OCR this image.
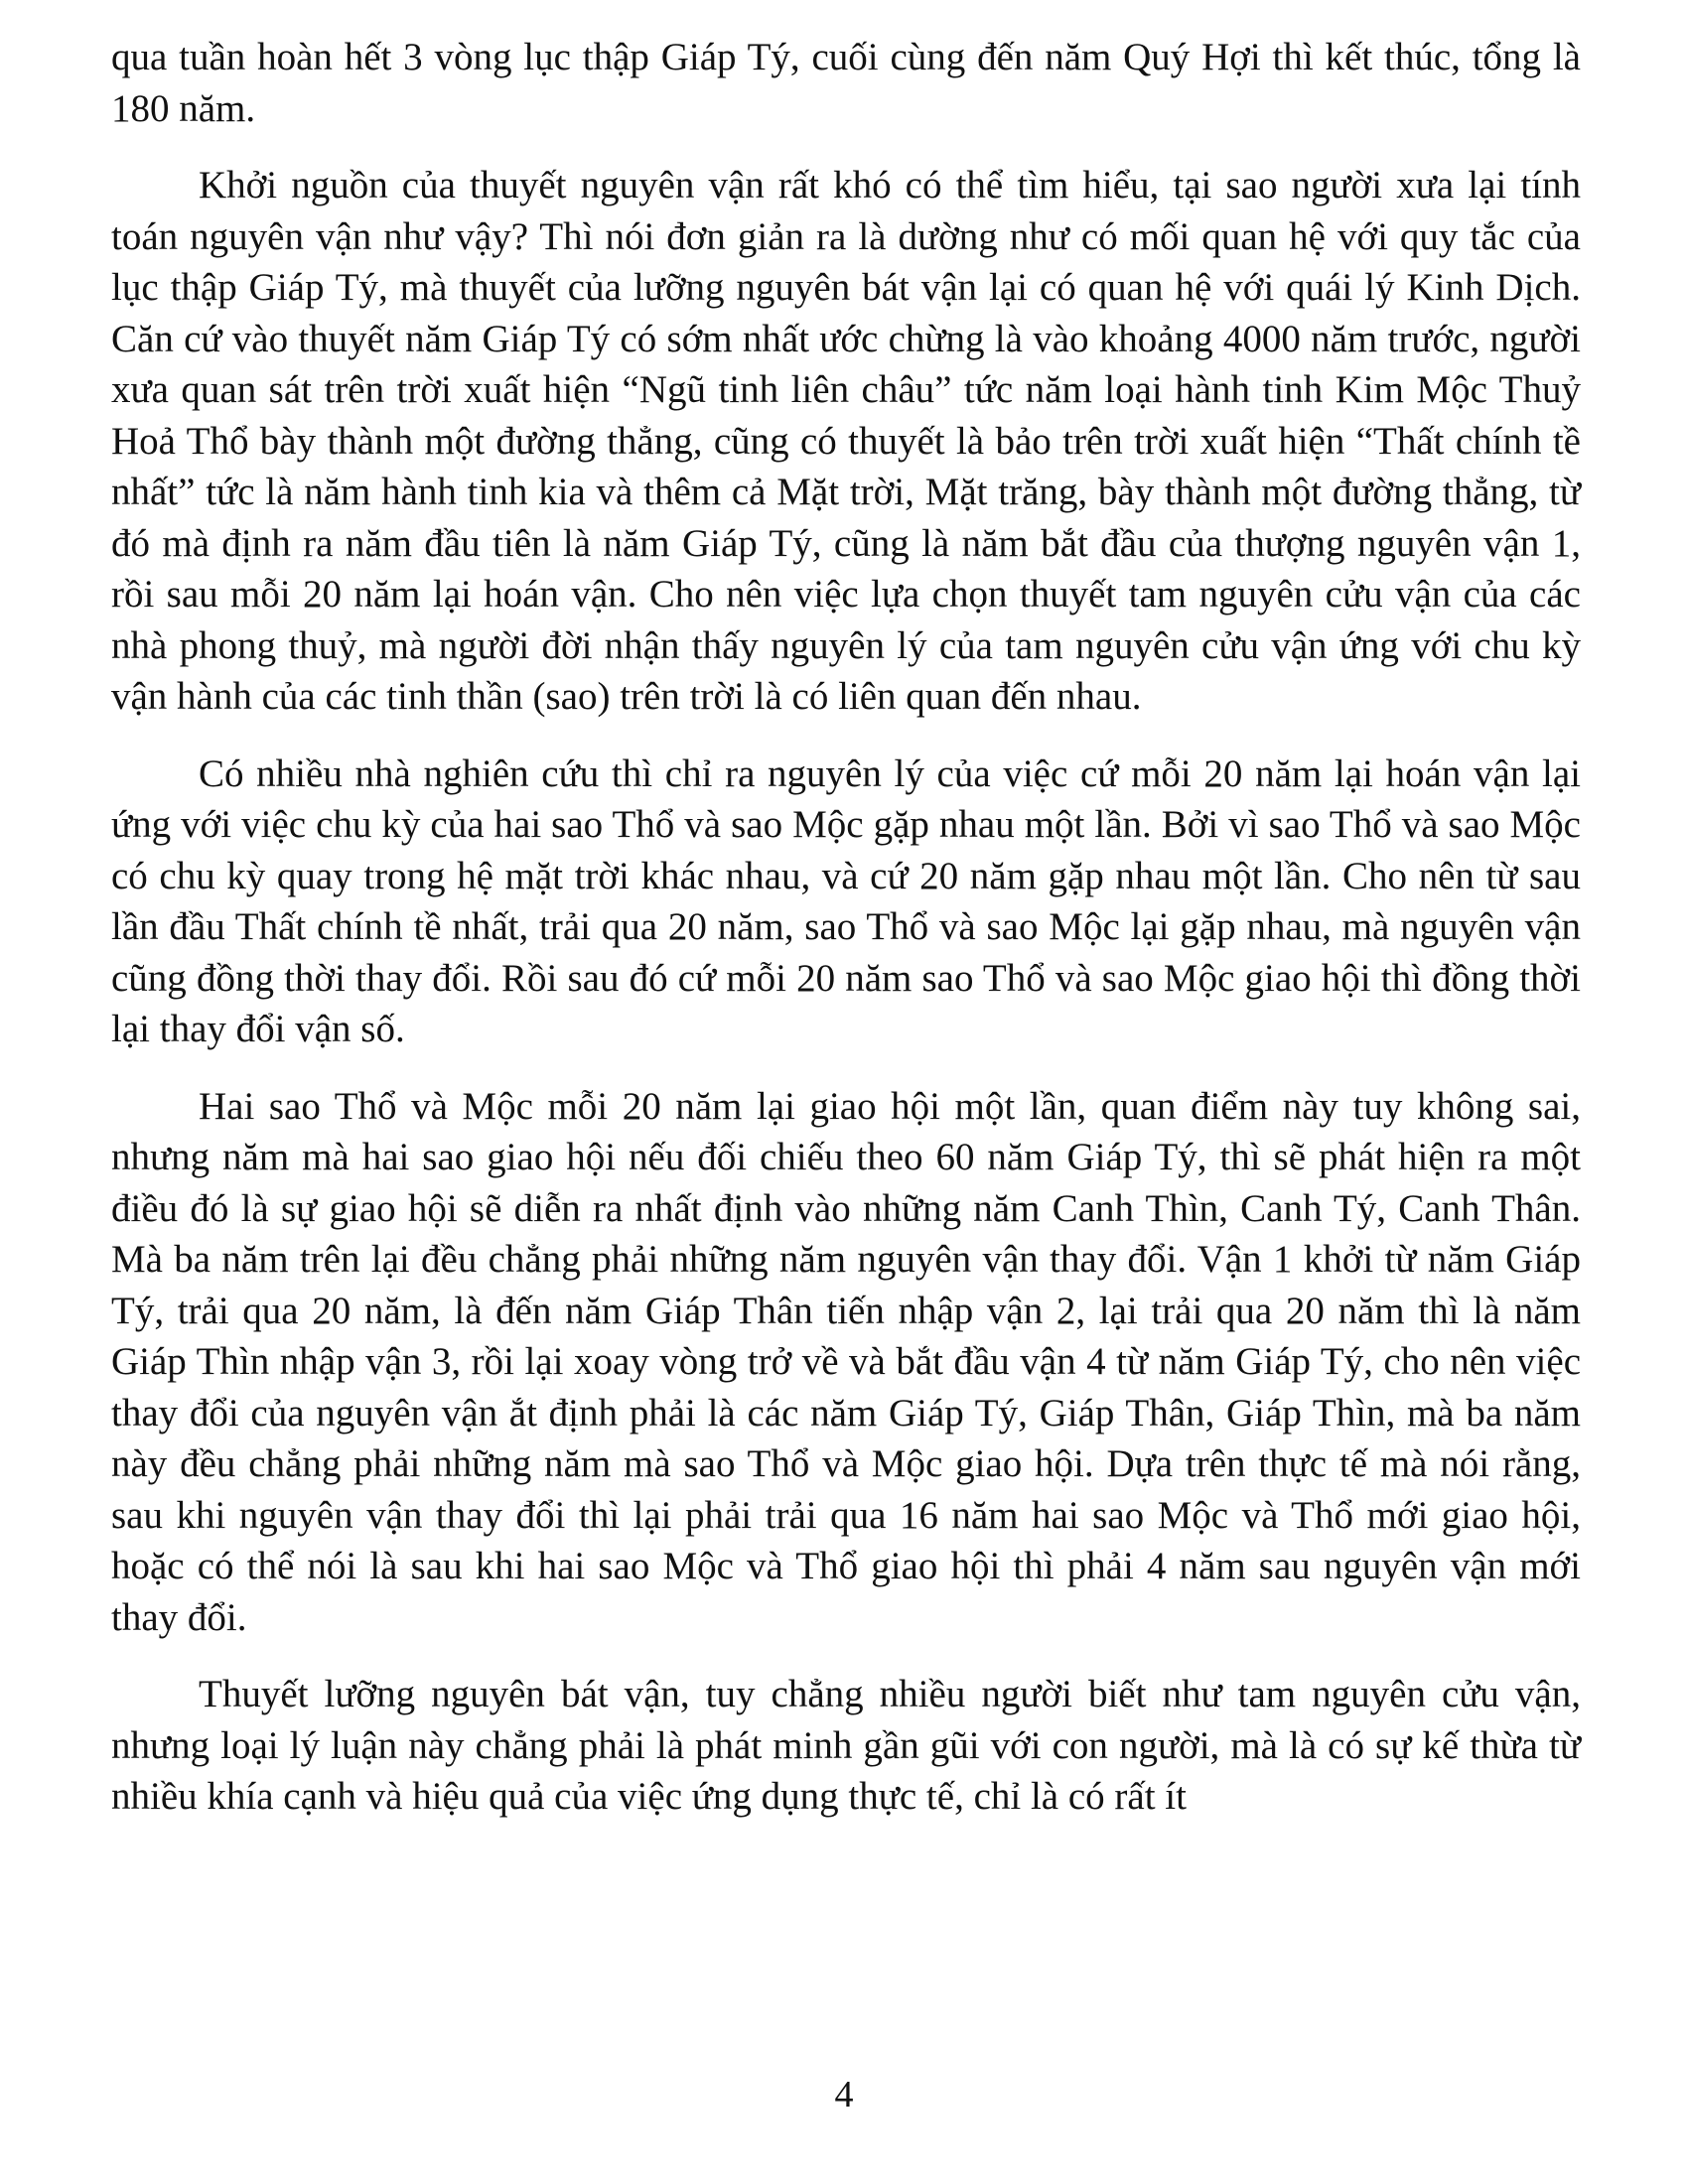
qua tuần hoàn hết 3 vòng lục thập Giáp Tý, cuối cùng đến năm Quý Hợi thì kết thúc, tổng là 180 năm.

Khởi nguồn của thuyết nguyên vận rất khó có thể tìm hiểu, tại sao người xưa lại tính toán nguyên vận như vậy? Thì nói đơn giản ra là dường như có mối quan hệ với quy tắc của lục thập Giáp Tý, mà thuyết của lưỡng nguyên bát vận lại có quan hệ với quái lý Kinh Dịch. Căn cứ vào thuyết năm Giáp Tý có sớm nhất ước chừng là vào khoảng 4000 năm trước, người xưa quan sát trên trời xuất hiện “Ngũ tinh liên châu” tức năm loại hành tinh Kim Mộc Thuỷ Hoả Thổ bày thành một đường thẳng, cũng có thuyết là bảo trên trời xuất hiện “Thất chính tề nhất” tức là năm hành tinh kia và thêm cả Mặt trời, Mặt trăng, bày thành một đường thẳng, từ đó mà định ra năm đầu tiên là năm Giáp Tý, cũng là năm bắt đầu của thượng nguyên vận 1, rồi sau mỗi 20 năm lại hoán vận. Cho nên việc lựa chọn thuyết tam nguyên cửu vận của các nhà phong thuỷ, mà người đời nhận thấy nguyên lý của tam nguyên cửu vận ứng với chu kỳ vận hành của các tinh thần (sao) trên trời là có liên quan đến nhau.

Có nhiều nhà nghiên cứu thì chỉ ra nguyên lý của việc cứ mỗi 20 năm lại hoán vận lại ứng với việc chu kỳ của hai sao Thổ và sao Mộc gặp nhau một lần. Bởi vì sao Thổ và sao Mộc có chu kỳ quay trong hệ mặt trời khác nhau, và cứ 20 năm gặp nhau một lần. Cho nên từ sau lần đầu Thất chính tề nhất, trải qua 20 năm, sao Thổ và sao Mộc lại gặp nhau, mà nguyên vận cũng đồng thời thay đổi. Rồi sau đó cứ mỗi 20 năm sao Thổ và sao Mộc giao hội thì đồng thời lại thay đổi vận số.

Hai sao Thổ và Mộc mỗi 20 năm lại giao hội một lần, quan điểm này tuy không sai, nhưng năm mà hai sao giao hội nếu đối chiếu theo 60 năm Giáp Tý, thì sẽ phát hiện ra một điều đó là sự giao hội sẽ diễn ra nhất định vào những năm Canh Thìn, Canh Tý, Canh Thân. Mà ba năm trên lại đều chẳng phải những năm nguyên vận thay đổi. Vận 1 khởi từ năm Giáp Tý, trải qua 20 năm, là đến năm Giáp Thân tiến nhập vận 2, lại trải qua 20 năm thì là năm Giáp Thìn nhập vận 3, rồi lại xoay vòng trở về và bắt đầu vận 4 từ năm Giáp Tý, cho nên việc thay đổi của nguyên vận ắt định phải là các năm Giáp Tý, Giáp Thân, Giáp Thìn, mà ba năm này đều chẳng phải những năm mà sao Thổ và Mộc giao hội. Dựa trên thực tế mà nói rằng, sau khi nguyên vận thay đổi thì lại phải trải qua 16 năm hai sao Mộc và Thổ mới giao hội, hoặc có thể nói là sau khi hai sao Mộc và Thổ giao hội thì phải 4 năm sau nguyên vận mới thay đổi.

Thuyết lưỡng nguyên bát vận, tuy chẳng nhiều người biết như tam nguyên cửu vận, nhưng loại lý luận này chẳng phải là phát minh gần gũi với con người, mà là có sự kế thừa từ nhiều khía cạnh và hiệu quả của việc ứng dụng thực tế, chỉ là có rất ít

4
